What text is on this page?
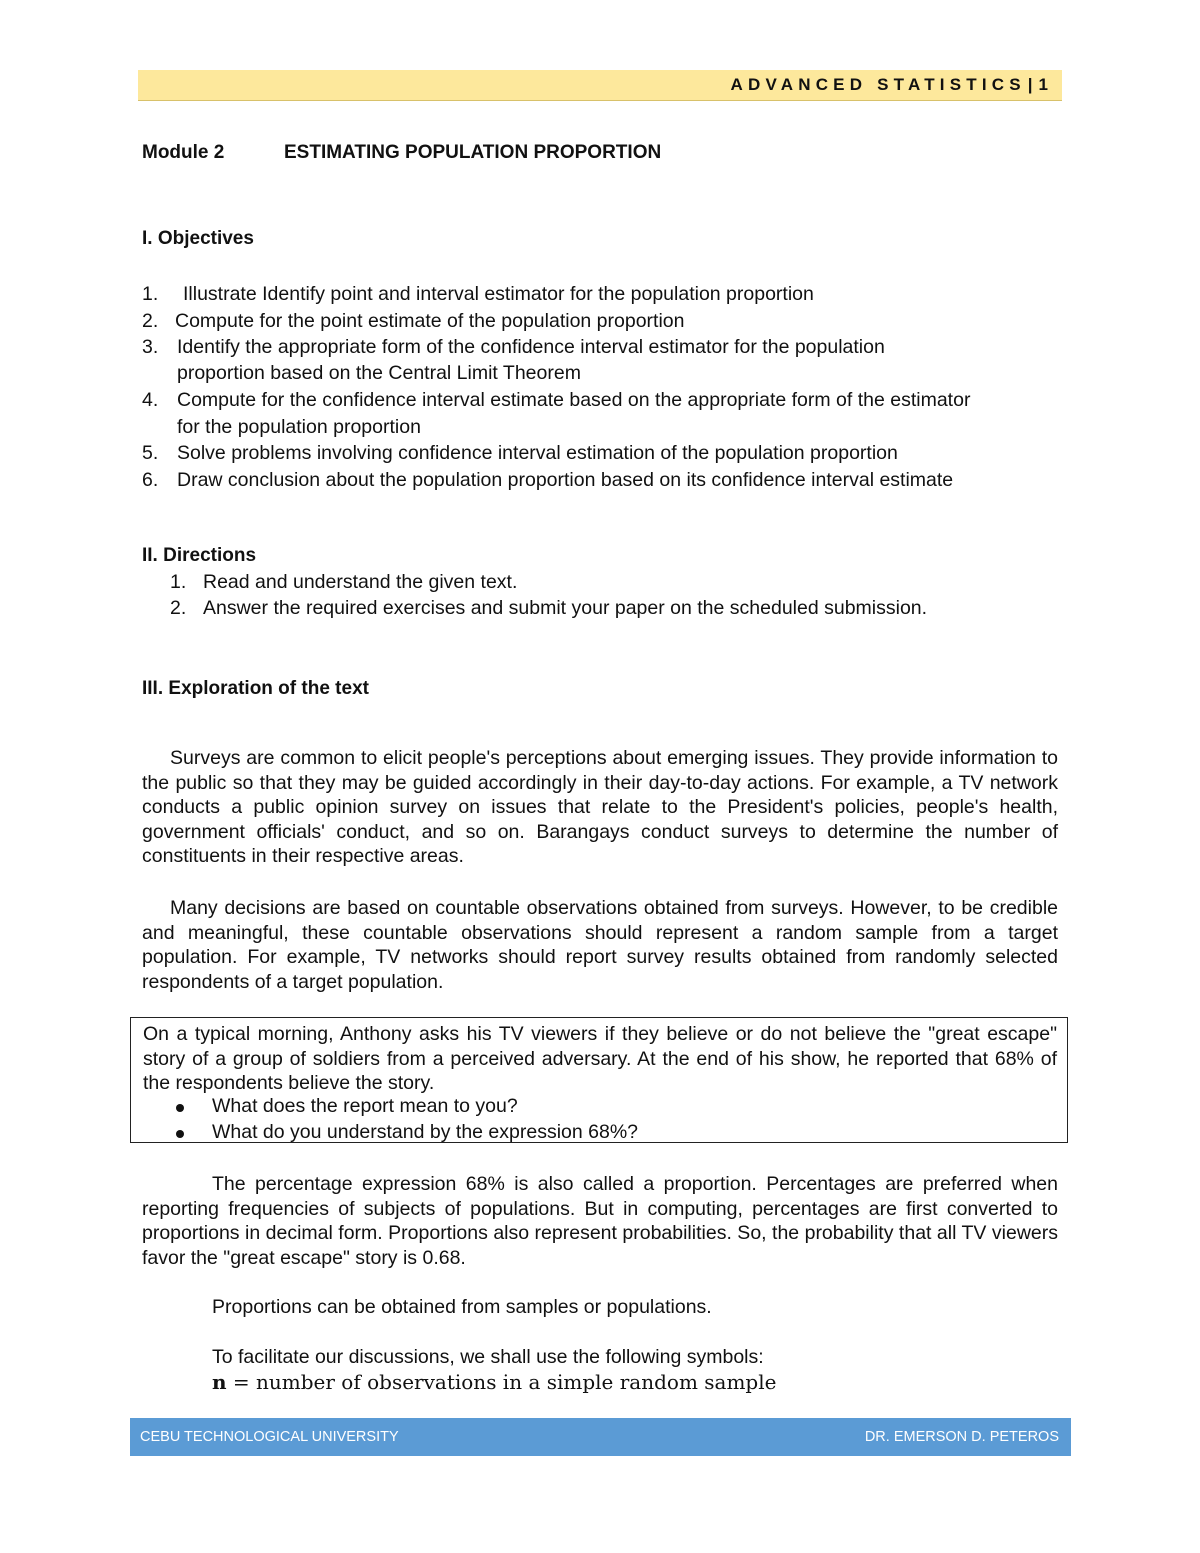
ADVANCED STATISTICS | 1
Module 2	ESTIMATING POPULATION PROPORTION
I. Objectives
1.	Illustrate Identify point and interval estimator for the population proportion
2. Compute for the point estimate of the population proportion
3. Identify the appropriate form of the confidence interval estimator for the population
proportion based on the Central Limit Theorem
4. Compute for the confidence interval estimate based on the appropriate form of the estimator
for the population proportion
5. Solve problems involving confidence interval estimation of the population proportion
6. Draw conclusion about the population proportion based on its confidence interval estimate
II. Directions
1. Read and understand the given text.
2. Answer the required exercises and submit your paper on the scheduled submission.
III. Exploration of the text

Surveys are common to elicit people's perceptions about emerging issues. They provide information to the public so that they may be guided accordingly in their day-to-day actions. For example, a TV network conducts a public opinion survey on issues that relate to the President's policies, people's health, government officials' conduct, and so on. Barangays conduct surveys to determine the number of constituents in their respective areas.

Many decisions are based on countable observations obtained from surveys. However, to be credible and meaningful, these countable observations should represent a random sample from a target population. For example, TV networks should report survey results obtained from randomly selected respondents of a target population.

On a typical morning, Anthony asks his TV viewers if they believe or do not believe the "great escape" story of a group of soldiers from a perceived adversary. At the end of his show, he reported that 68% of the respondents believe the story.
What does the report mean to you?
What do you understand by the expression 68%?

The percentage expression 68% is also called a proportion. Percentages are preferred when reporting frequencies of subjects of populations. But in computing, percentages are first converted to proportions in decimal form. Proportions also represent probabilities. So, the probability that all TV viewers favor the "great escape" story is 0.68.

Proportions can be obtained from samples or populations.
To facilitate our discussions, we shall use the following symbols:
n = number of observations in a simple random sample
CEBU TECHNOLOGICAL UNIVERSITY	DR. EMERSON D. PETEROS
